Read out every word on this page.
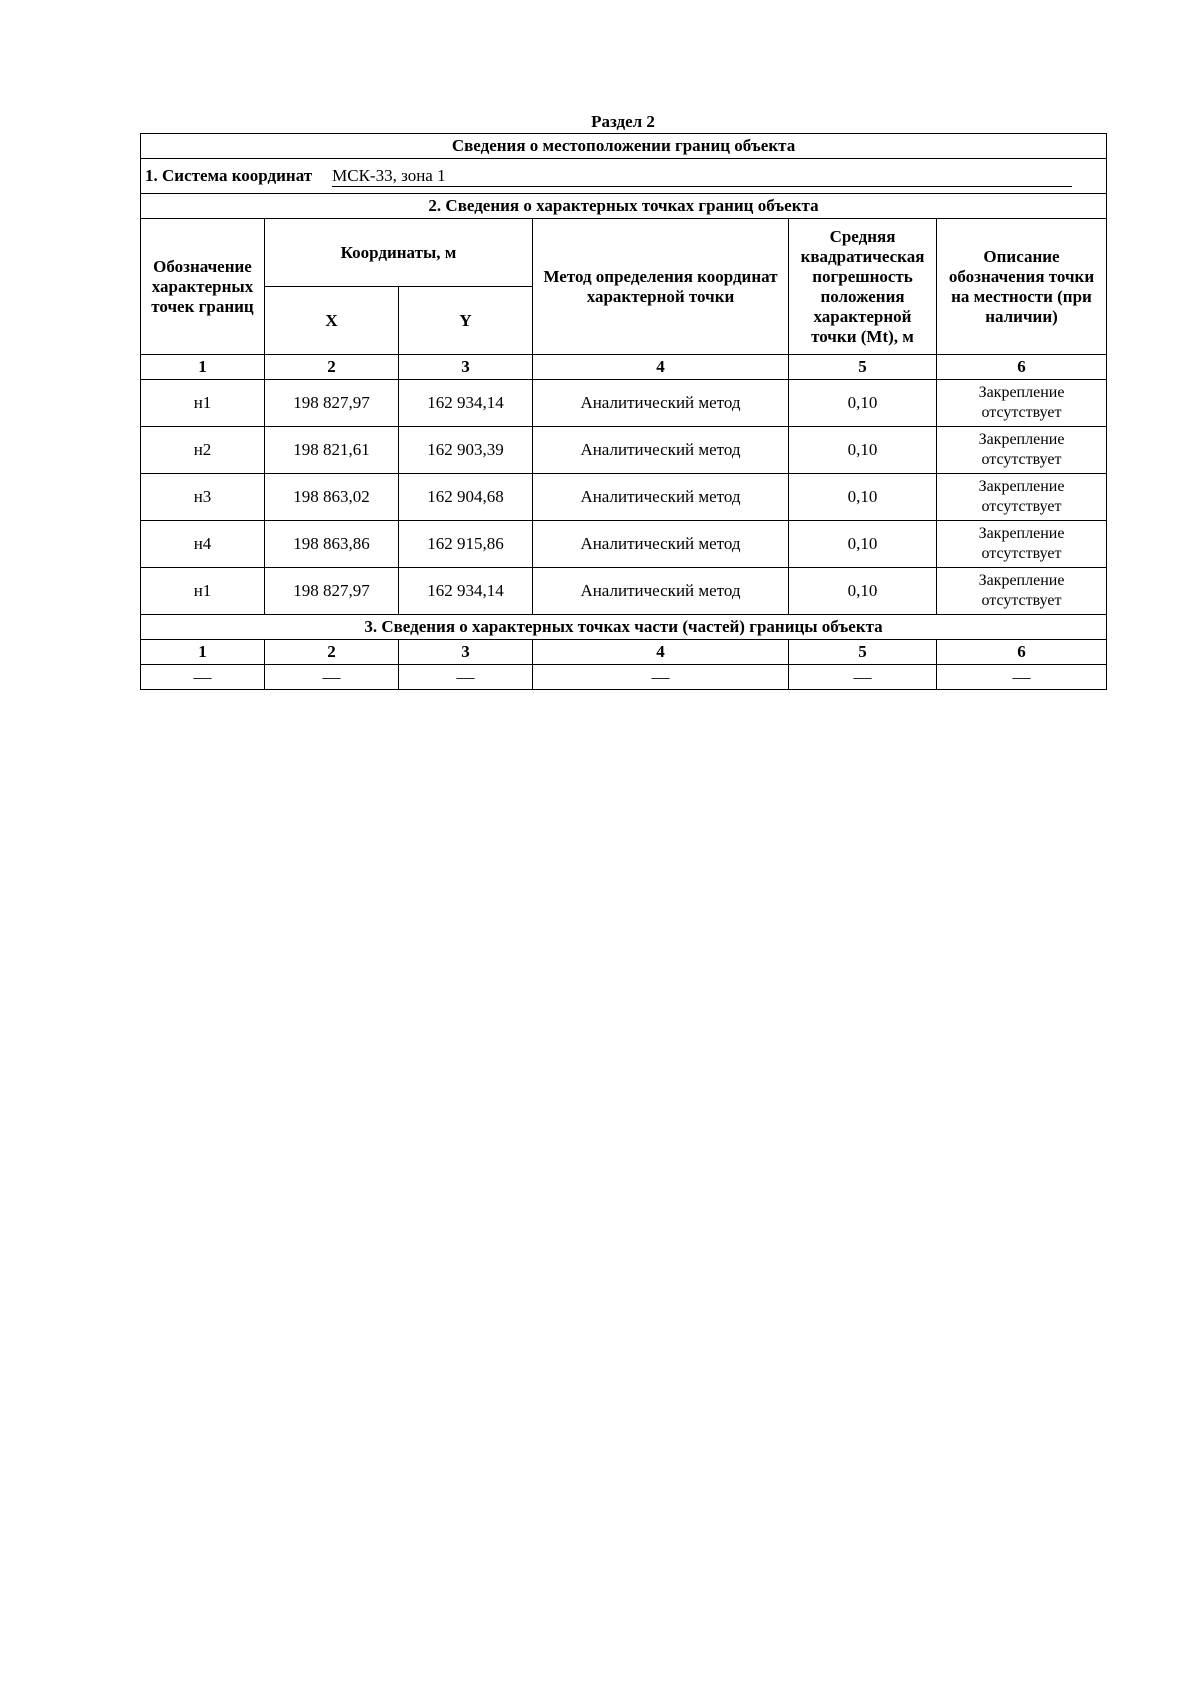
Раздел 2
Сведения о местоположении границ объекта					
1. Система координат МСК-33, зона 1					
2. Сведения о характерных точках границ объекта					
Обозначение характерных точек границ	Координаты, м		Метод определения координат характерной точки	Средняя квадратическая погрешность положения характерной точки (Mt), м	Описание обозначения точки на местности (при наличии)
	X	Y			
1	2	3	4	5	6
н1	198 827,97	162 934,14	Аналитический метод	0,10	Закрепление отсутствует
н2	198 821,61	162 903,39	Аналитический метод	0,10	Закрепление отсутствует
н3	198 863,02	162 904,68	Аналитический метод	0,10	Закрепление отсутствует
н4	198 863,86	162 915,86	Аналитический метод	0,10	Закрепление отсутствует
н1	198 827,97	162 934,14	Аналитический метод	0,10	Закрепление отсутствует
3. Сведения о характерных точках части (частей) границы объекта					
1	2	3	4	5	6
—	—	—	—	—	—
